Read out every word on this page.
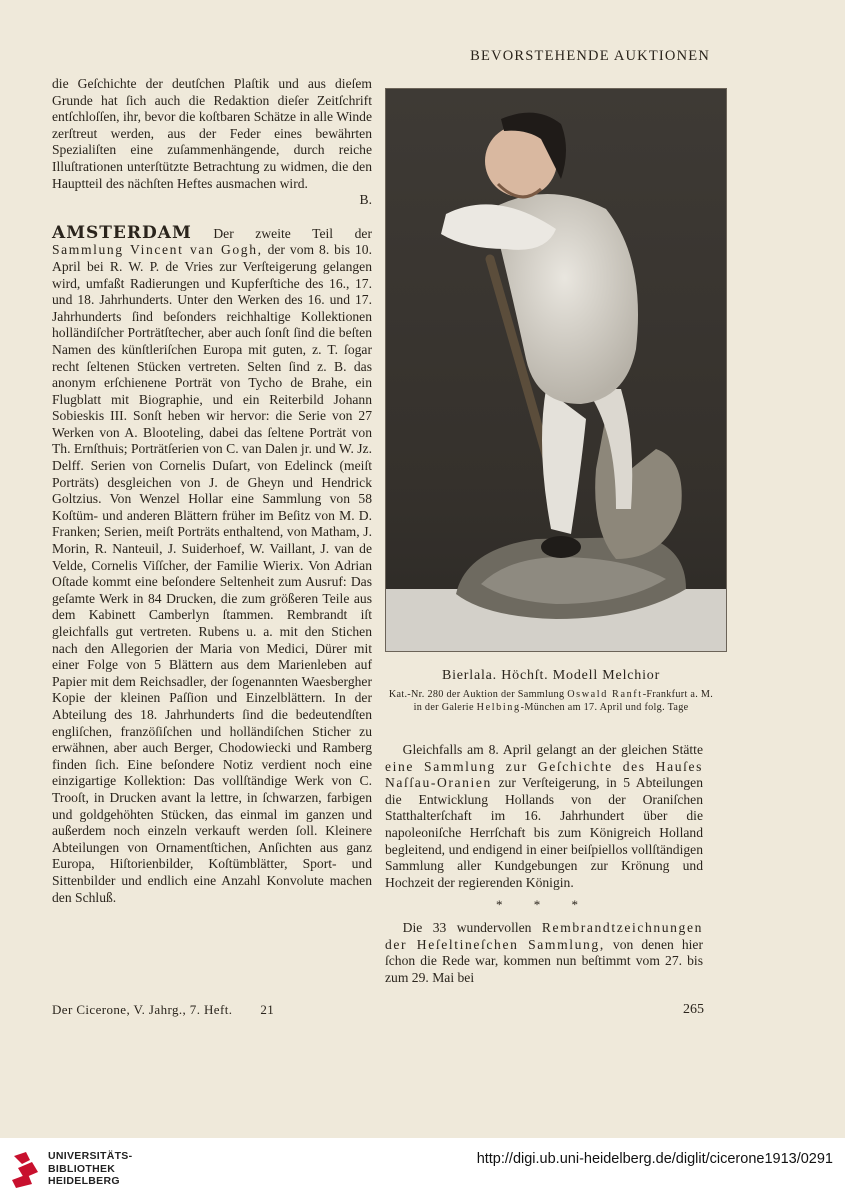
BEVORSTEHENDE AUKTIONEN

die Geſchichte der deutſchen Plaſtik und aus dieſem Grunde hat ſich auch die Redaktion dieſer Zeitſchrift entſchloſſen, ihr, bevor die koſtbaren Schätze in alle Winde zerſtreut werden, aus der Feder eines bewährten Spezialiſten eine zuſammenhängende, durch reiche Illuſtrationen unterſtützte Betrachtung zu widmen, die den Hauptteil des nächſten Heftes ausmachen wird.
B.

AMSTERDAM Der zweite Teil der Sammlung Vincent van Gogh, der vom 8. bis 10. April bei R. W. P. de Vries zur Verſteigerung gelangen wird, umfaßt Radierungen und Kupferſtiche des 16., 17. und 18. Jahrhunderts. Unter den Werken des 16. und 17. Jahrhunderts ſind beſonders reichhaltige Kollektionen holländiſcher Porträtſtecher, aber auch ſonſt ſind die beſten Namen des künſtleriſchen Europa mit guten, z. T. ſogar recht ſeltenen Stücken vertreten. Selten ſind z. B. das anonym erſchienene Porträt von Tycho de Brahe, ein Flugblatt mit Biographie, und ein Reiterbild Johann Sobieskis III. Sonſt heben wir hervor: die Serie von 27 Werken von A. Blooteling, dabei das ſeltene Porträt von Th. Ernſthuis; Porträtſerien von C. van Dalen jr. und W. Jz. Delff. Serien von Cornelis Duſart, von Edelinck (meiſt Porträts) desgleichen von J. de Gheyn und Hendrick Goltzius. Von Wenzel Hollar eine Sammlung von 58 Koſtüm- und anderen Blättern früher im Beſitz von M. D. Franken; Serien, meiſt Porträts enthaltend, von Matham, J. Morin, R. Nanteuil, J. Suiderhoef, W. Vaillant, J. van de Velde, Cornelis Viſſcher, der Familie Wierix. Von Adrian Oſtade kommt eine beſondere Seltenheit zum Ausruf: Das geſamte Werk in 84 Drucken, die zum größeren Teile aus dem Kabinett Camberlyn ſtammen. Rembrandt iſt gleichfalls gut vertreten. Rubens u. a. mit den Stichen nach den Allegorien der Maria von Medici, Dürer mit einer Folge von 5 Blättern aus dem Marienleben auf Papier mit dem Reichsadler, der ſogenannten Waesbergher Kopie der kleinen Paſſion und Einzelblättern. In der Abteilung des 18. Jahrhunderts ſind die bedeutendſten engliſchen, franzöſiſchen und holländiſchen Sticher zu erwähnen, aber auch Berger, Chodowiecki und Ramberg finden ſich. Eine beſondere Notiz verdient noch eine einzigartige Kollektion: Das vollſtändige Werk von C. Trooſt, in Drucken avant la lettre, in ſchwarzen, farbigen und goldgehöhten Stücken, das einmal im ganzen und außerdem noch einzeln verkauft werden ſoll. Kleinere Abteilungen von Ornamentſtichen, Anſichten aus ganz Europa, Hiſtorienbilder, Koſtümblätter, Sport- und Sittenbilder und endlich eine Anzahl Konvolute machen den Schluß.

Bierlala. Höchſt. Modell Melchior
Kat.-Nr. 280 der Auktion der Sammlung Oswald Ranft-Frankfurt a. M. in der Galerie Helbing-München am 17. April und folg. Tage

Gleichfalls am 8. April gelangt an der gleichen Stätte eine Sammlung zur Geſchichte des Hauſes Naſſau-Oranien zur Verſteigerung, in 5 Abteilungen die Entwicklung Hollands von der Oraniſchen Statthalterſchaft im 16. Jahrhundert über die napoleoniſche Herrſchaft bis zum Königreich Holland begleitend, und endigend in einer beiſpiellos vollſtändigen Sammlung aller Kundgebungen zur Krönung und Hochzeit der regierenden Königin.

* * *

Die 33 wundervollen Rembrandtzeichnungen der Heſeltineſchen Sammlung, von denen hier ſchon die Rede war, kommen nun beſtimmt vom 27. bis zum 29. Mai bei

Der Cicerone, V. Jahrg., 7. Heft. 21	265
UNIVERSITÄTS-
BIBLIOTHEK
HEIDELBERG
http://digi.ub.uni-heidelberg.de/diglit/cicerone1913/0291
